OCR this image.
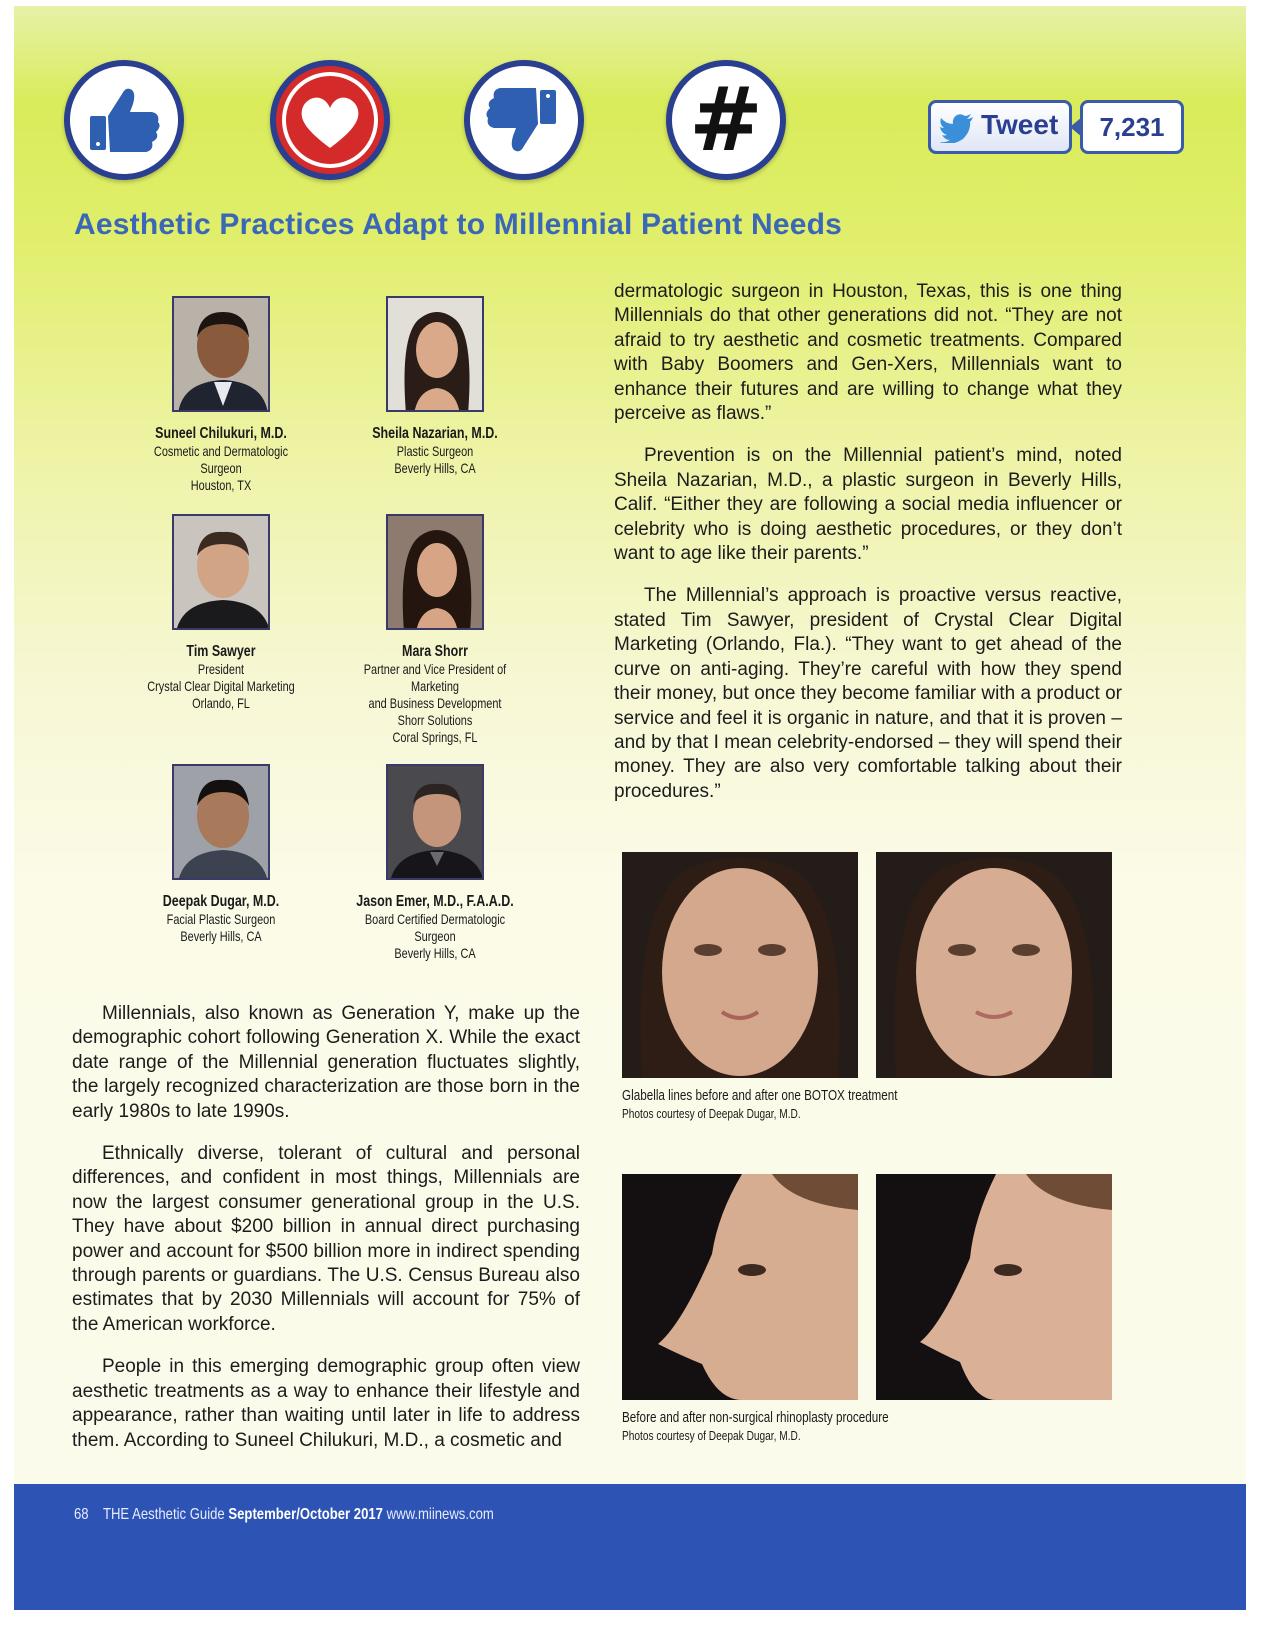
#	Tweet	7,231
Aesthetic Practices Adapt to Millennial Patient Needs
Suneel Chilukuri, M.D.
Cosmetic and Dermatologic Surgeon
Houston, TX
Sheila Nazarian, M.D.
Plastic Surgeon
Beverly Hills, CA
Tim Sawyer
President
Crystal Clear Digital Marketing
Orlando, FL
Mara Shorr
Partner and Vice President of Marketing
and Business Development
Shorr Solutions
Coral Springs, FL
Deepak Dugar, M.D.
Facial Plastic Surgeon
Beverly Hills, CA
Jason Emer, M.D., F.A.A.D.
Board Certified Dermatologic Surgeon
Beverly Hills, CA

dermatologic surgeon in Houston, Texas, this is one thing Millennials do that other generations did not. “They are not afraid to try aesthetic and cosmetic treatments. Compared with Baby Boomers and Gen-Xers, Millennials want to enhance their futures and are willing to change what they perceive as flaws.”

Prevention is on the Millennial patient’s mind, noted Sheila Nazarian, M.D., a plastic surgeon in Beverly Hills, Calif. “Either they are following a social media influencer or celebrity who is doing aesthetic procedures, or they don’t want to age like their parents.”

The Millennial’s approach is proactive versus reactive, stated Tim Sawyer, president of Crystal Clear Digital Marketing (Orlando, Fla.). “They want to get ahead of the curve on anti-aging. They’re careful with how they spend their money, but once they become familiar with a product or service and feel it is organic in nature, and that it is proven – and by that I mean celebrity-endorsed – they will spend their money. They are also very comfortable talking about their procedures.”

Millennials, also known as Generation Y, make up the demographic cohort following Generation X. While the exact date range of the Millennial generation fluctuates slightly, the largely recognized characterization are those born in the early 1980s to late 1990s.

Ethnically diverse, tolerant of cultural and personal differences, and confident in most things, Millennials are now the largest consumer generational group in the U.S. They have about $200 billion in annual direct purchasing power and account for $500 billion more in indirect spending through parents or guardians. The U.S. Census Bureau also estimates that by 2030 Millennials will account for 75% of the American workforce.

People in this emerging demographic group often view aesthetic treatments as a way to enhance their lifestyle and appearance, rather than waiting until later in life to address them. According to Suneel Chilukuri, M.D., a cosmetic and

Glabella lines before and after one BOTOX treatment
Photos courtesy of Deepak Dugar, M.D.
Before and after non-surgical rhinoplasty procedure
Photos courtesy of Deepak Dugar, M.D.
68 THE Aesthetic Guide September/October 2017 www.miinews.com
